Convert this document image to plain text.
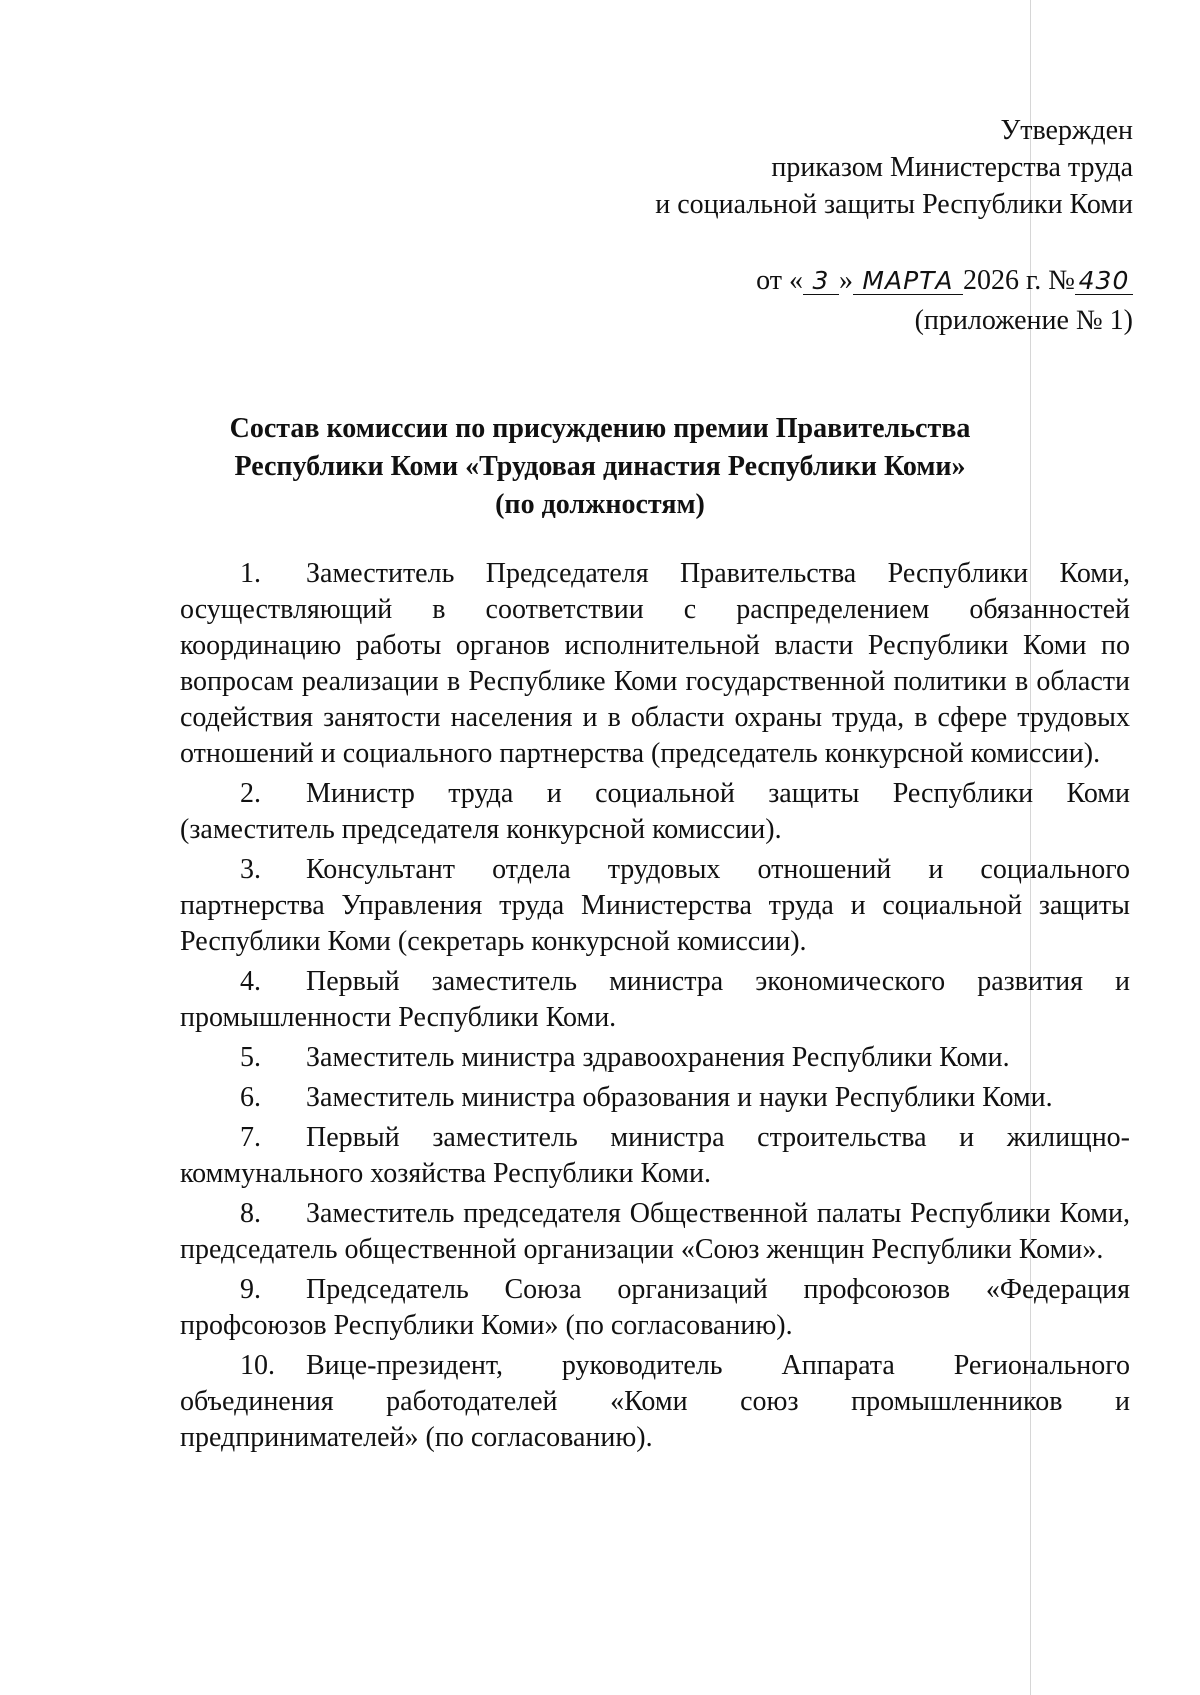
Утвержден
приказом Министерства труда
и социальной защиты Республики Коми
от « 3 » МАРТА 2026 г. № 430
(приложение № 1)
Состав комиссии по присуждению премии Правительства
Республики Коми «Трудовая династия Республики Коми»
(по должностям)

1. Заместитель Председателя Правительства Республики Коми, осуществляющий в соответствии с распределением обязанностей координацию работы органов исполнительной власти Республики Коми по вопросам реализации в Республике Коми государственной политики в области содействия занятости населения и в области охраны труда, в сфере трудовых отношений и социального партнерства (председатель конкурсной комиссии).

2. Министр труда и социальной защиты Республики Коми (заместитель председателя конкурсной комиссии).

3. Консультант отдела трудовых отношений и социального партнерства Управления труда Министерства труда и социальной защиты Республики Коми (секретарь конкурсной комиссии).

4. Первый заместитель министра экономического развития и промышленности Республики Коми.

5. Заместитель министра здравоохранения Республики Коми.

6. Заместитель министра образования и науки Республики Коми.

7. Первый заместитель министра строительства и жилищно-коммунального хозяйства Республики Коми.

8. Заместитель председателя Общественной палаты Республики Коми, председатель общественной организации «Союз женщин Республики Коми».

9. Председатель Союза организаций профсоюзов «Федерация профсоюзов Республики Коми» (по согласованию).

10. Вице-президент, руководитель Аппарата Регионального объединения работодателей «Коми союз промышленников и предпринимателей» (по согласованию).
